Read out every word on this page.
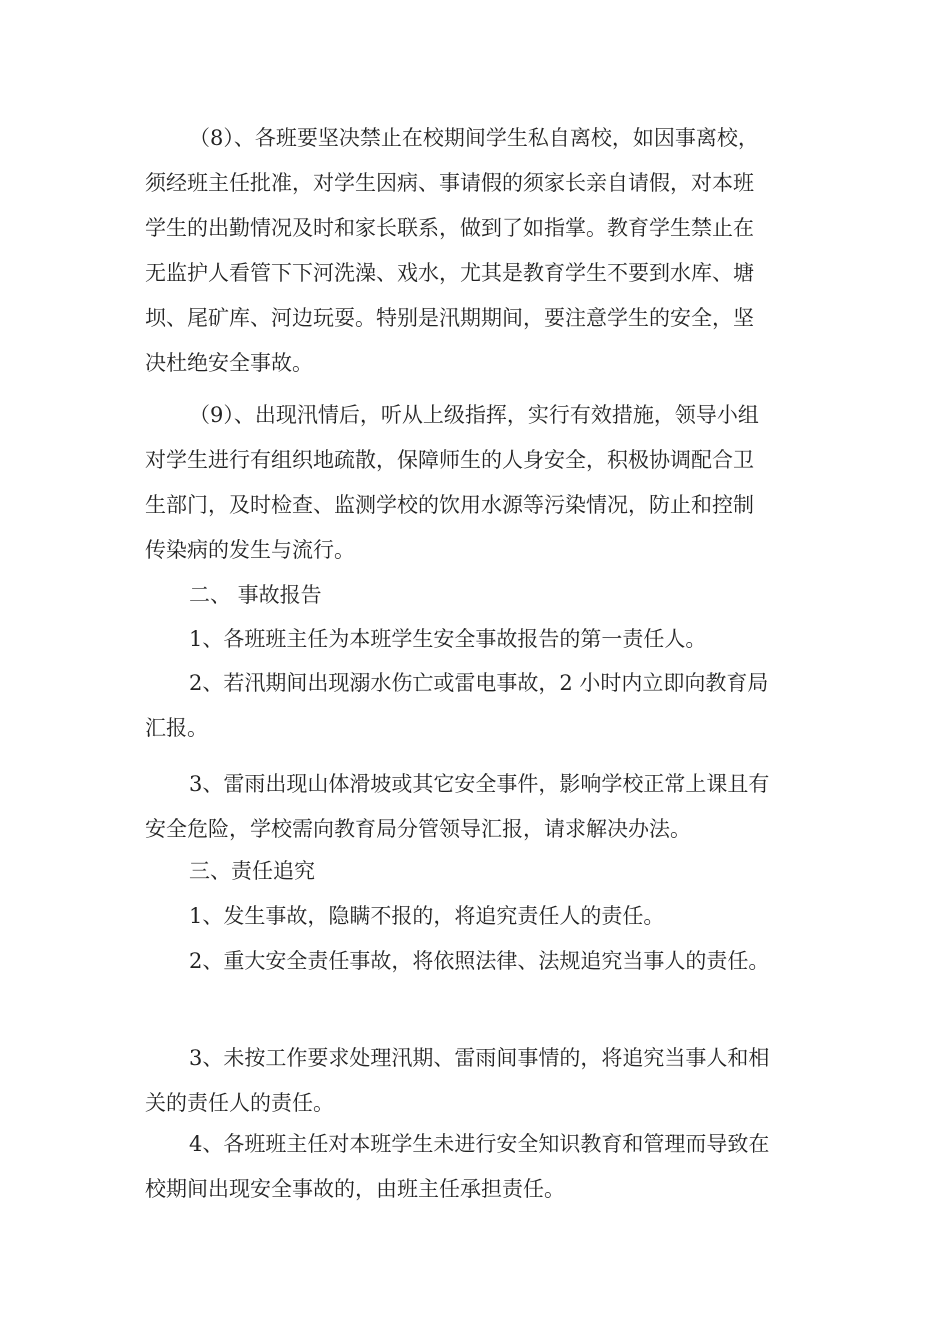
（8）、各班要坚决禁止在校期间学生私自离校，如因事离校，
须经班主任批准，对学生因病、事请假的须家长亲自请假，对本班
学生的出勤情况及时和家长联系，做到了如指掌。教育学生禁止在
无监护人看管下下河洗澡、戏水，尤其是教育学生不要到水库、塘
坝、尾矿库、河边玩耍。特别是汛期期间，要注意学生的安全，坚
决杜绝安全事故。
（9）、出现汛情后，听从上级指挥，实行有效措施，领导小组
对学生进行有组织地疏散，保障师生的人身安全，积极协调配合卫
生部门，及时检查、监测学校的饮用水源等污染情况，防止和控制
传染病的发生与流行。
二、 事故报告
1、各班班主任为本班学生安全事故报告的第一责任人。
2、若汛期间出现溺水伤亡或雷电事故，2 小时内立即向教育局
汇报。
3、雷雨出现山体滑坡或其它安全事件，影响学校正常上课且有
安全危险，学校需向教育局分管领导汇报，请求解决办法。
三、责任追究
1、发生事故，隐瞒不报的，将追究责任人的责任。
2、重大安全责任事故，将依照法律、法规追究当事人的责任。
3、未按工作要求处理汛期、雷雨间事情的，将追究当事人和相
关的责任人的责任。
4、各班班主任对本班学生未进行安全知识教育和管理而导致在
校期间出现安全事故的，由班主任承担责任。
